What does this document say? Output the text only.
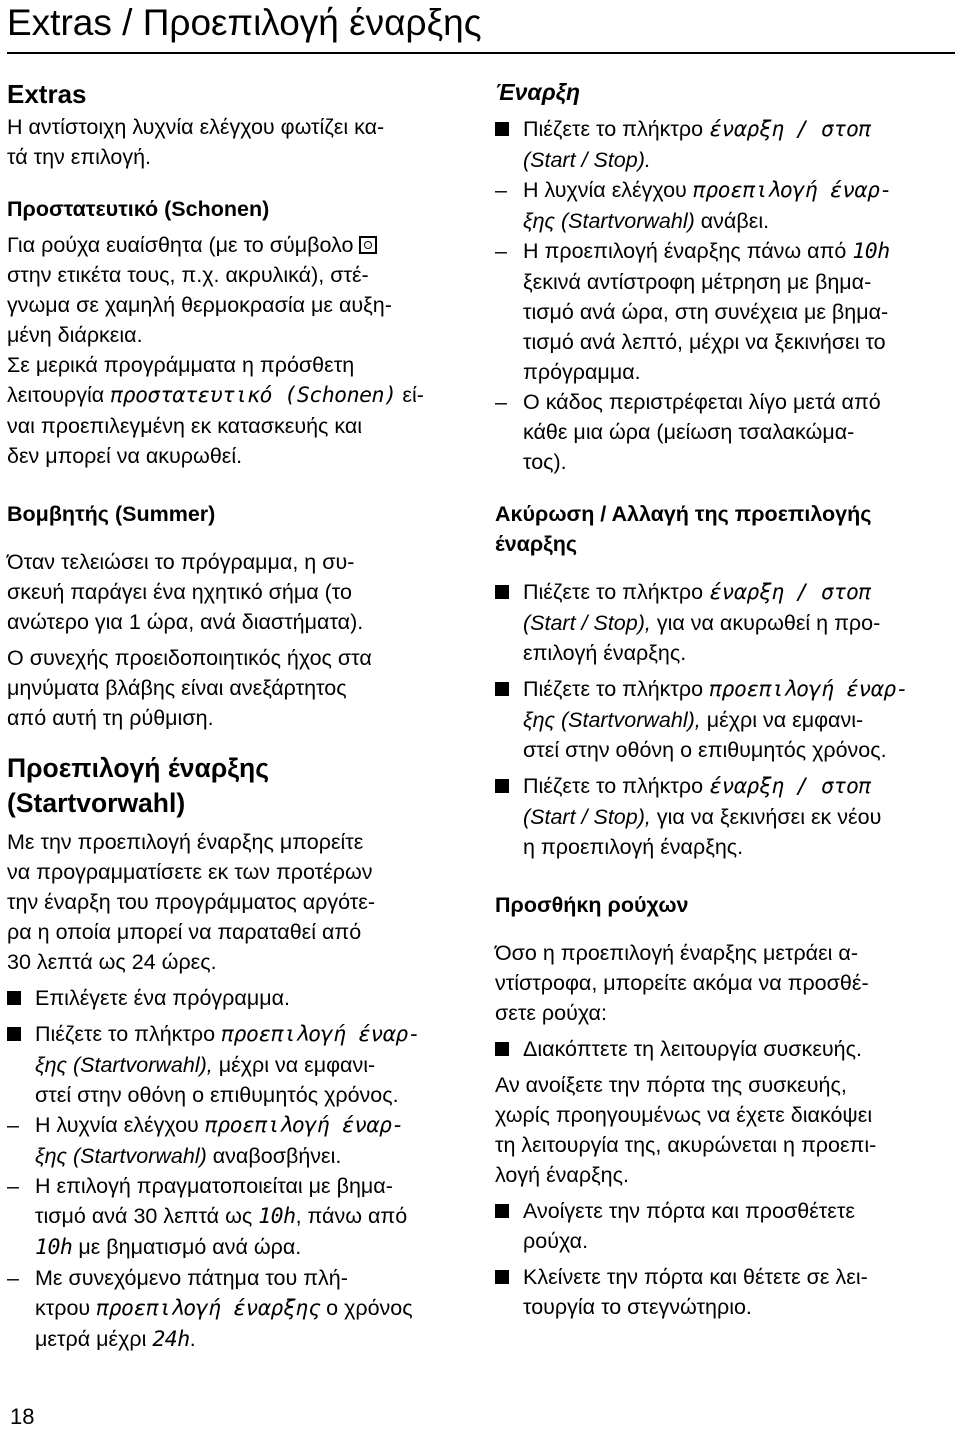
Extras / Προεπιλογή έναρξης
Extras

Η αντίστοιχη λυχνία ελέγχου φωτίζει κα-
τά την επιλογή.

Προστατευτικό (Schonen)

Για ρούχα ευαίσθητα (με το σύμβολο
στην ετικέτα τους, π.χ. ακρυλικά), στέ-
γνωμα σε χαμηλή θερμοκρασία με αυξη-
μένη διάρκεια.

Σε μερικά προγράμματα η πρόσθετη
λειτουργία προστατευτικό (Schonen) εί-
ναι προεπιλεγμένη εκ κατασκευής και
δεν μπορεί να ακυρωθεί.

Βομβητής (Summer)

Όταν τελειώσει το πρόγραμμα, η συ-
σκευή παράγει ένα ηχητικό σήμα (το
ανώτερο για 1 ώρα, ανά διαστήματα).

Ο συνεχής προειδοποιητικός ήχος στα
μηνύματα βλάβης είναι ανεξάρτητος
από αυτή τη ρύθμιση.

Προεπιλογή έναρξης
(Startvorwahl)

Με την προεπιλογή έναρξης μπορείτε
να προγραμματίσετε εκ των προτέρων
την έναρξη του προγράμματος αργότε-
ρα η οποία μπορεί να παραταθεί από
30 λεπτά ως 24 ώρες.

Επιλέγετε ένα πρόγραμμα.
Πιέζετε το πλήκτρο προεπιλογή έναρ-
ξης (Startvorwahl), μέχρι να εμφανι-
στεί στην οθόνη ο επιθυμητός χρόνος.
– Η λυχνία ελέγχου προεπιλογή έναρ-
ξης (Startvorwahl) αναβοσβήνει.
– Η επιλογή πραγματοποιείται με βημα-
τισμό ανά 30 λεπτά ως 10h, πάνω από
10h με βηματισμό ανά ώρα.
– Με συνεχόμενο πάτημα του πλή-
κτρου προεπιλογή έναρξης ο χρόνος
μετρά μέχρι 24h.
Έναρξη
Πιέζετε το πλήκτρο έναρξη / στοπ
(Start / Stop).
– Η λυχνία ελέγχου προεπιλογή έναρ-
ξης (Startvorwahl) ανάβει.
– Η προεπιλογή έναρξης πάνω από 10h
ξεκινά αντίστροφη μέτρηση με βημα-
τισμό ανά ώρα, στη συνέχεια με βημα-
τισμό ανά λεπτό, μέχρι να ξεκινήσει το
πρόγραμμα.
– Ο κάδος περιστρέφεται λίγο μετά από
κάθε μια ώρα (μείωση τσαλακώμα-
τος).
Ακύρωση / Αλλαγή της προεπιλογής
έναρξης
Πιέζετε το πλήκτρο έναρξη / στοπ
(Start / Stop), για να ακυρωθεί η προ-
επιλογή έναρξης.
Πιέζετε το πλήκτρο προεπιλογή έναρ-
ξης (Startvorwahl), μέχρι να εμφανι-
στεί στην οθόνη ο επιθυμητός χρόνος.
Πιέζετε το πλήκτρο έναρξη / στοπ
(Start / Stop), για να ξεκινήσει εκ νέου
η προεπιλογή έναρξης.
Προσθήκη ρούχων

Όσο η προεπιλογή έναρξης μετράει α-
ντίστροφα, μπορείτε ακόμα να προσθέ-
σετε ρούχα:

Διακόπτετε τη λειτουργία συσκευής.

Αν ανοίξετε την πόρτα της συσκευής,
χωρίς προηγουμένως να έχετε διακόψει
τη λειτουργία της, ακυρώνεται η προεπι-
λογή έναρξης.

Ανοίγετε την πόρτα και προσθέτετε
ρούχα.
Κλείνετε την πόρτα και θέτετε σε λει-
τουργία το στεγνώτηριο.
18
